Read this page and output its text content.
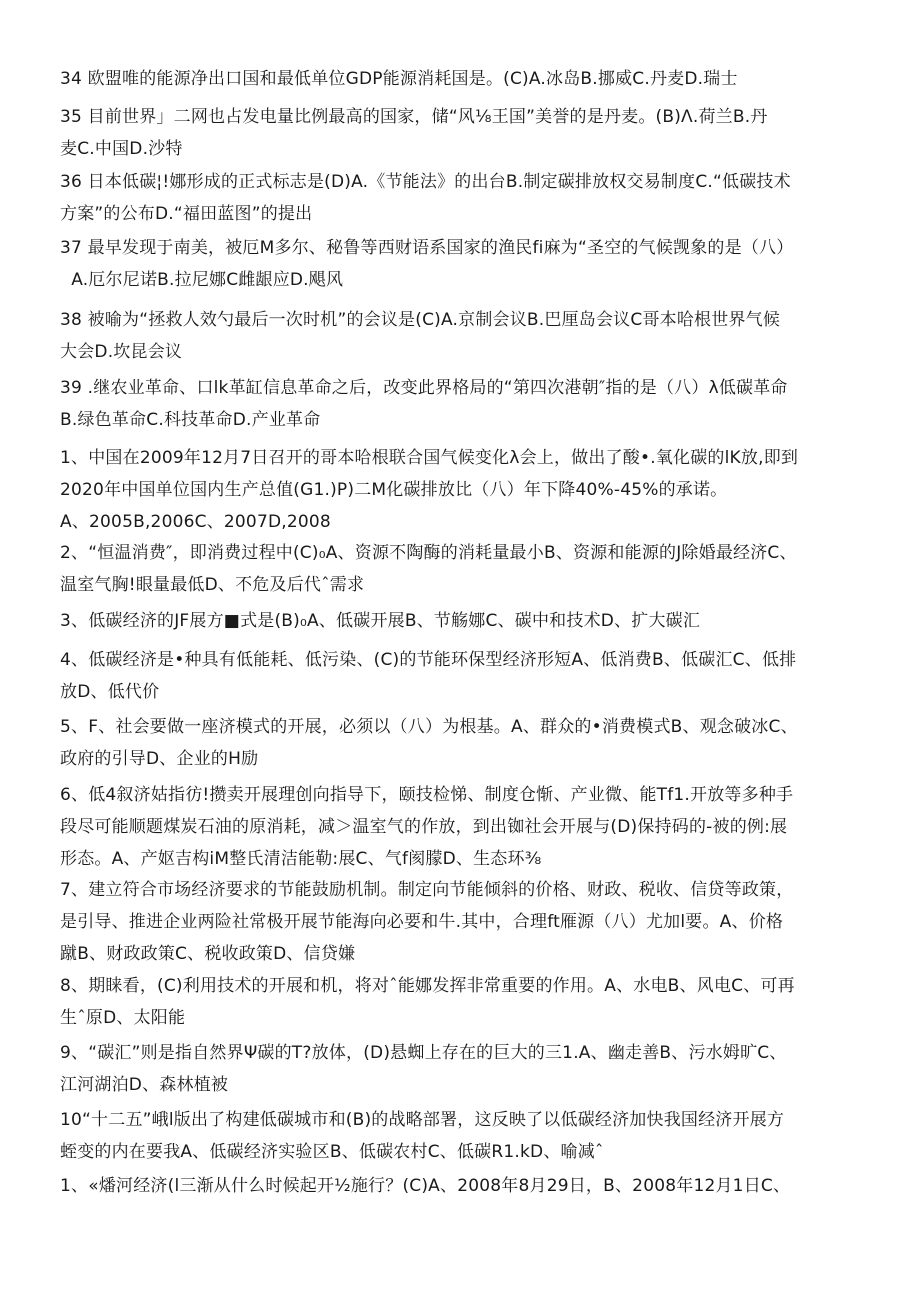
34 欧盟唯的能源净出口国和最低单位GDP能源消耗国是。(C)A.冰岛B.挪威C.丹麦D.瑞士
35 目前世界」二网也占发电量比例最高的国家，储“风⅛王国”美誉的是丹麦。(B)Λ.荷兰B.丹
麦C.中国D.沙特
36 日本低碳¦!娜形成的正式标志是(D)A.《节能法》的出台B.制定碳排放权交易制度C.“低碳技术
方案”的公布D.“福田蓝图”的提出
37 最早发现于南美，被厄M多尔、秘鲁等西财语系国家的渔民fi麻为“圣空的气候觊象的是（八）
A.厄尔尼诺B.拉尼娜C雌龈应D.飓风
38 被喻为“拯救人效勺最后一次时机”的会议是(C)A.京制会议B.巴厘岛会议C哥本哈根世界气候
大会D.坎昆会议
39 .继农业革命、口lk革缸信息革命之后，改变此界格局的“第四次港朝″指的是（八）λ低碳革命
B.绿色革命C.科技革命D.产业革命
1、中国在2009年12月7日召开的哥本哈根联合国气候变化λ会上，做出了酸•.氧化碳的lK放,即到
2020年中国单位国内生产总值(G1.)P)二M化碳排放比（八）年下降40%-45%的承诺。
A、2005B,2006C、2007D,2008
2、“恒温消费″，即消费过程中(C)₀A、资源不陶酶的消耗量最小B、资源和能源的J除婚最经济C、
温室气胸!眼量最低D、不危及后代ˆ需求
3、低碳经济的JF展方■式是(B)₀A、低碳开展B、节觞娜C、碳中和技术D、扩大碳汇
4、低碳经济是•种具有低能耗、低污染、(C)的节能环保型经济形短A、低消费B、低碳汇C、低排
放D、低代价
5、F、社会要做一座济模式的开展，必须以（八）为根基。A、群众的•消费模式B、观念破冰C、
政府的引导D、企业的H励
6、低4叙济姑指彷!攒卖开展理创向指导下，颐技检悌、制度仓惭、产业微、能Tf1.开放等多种手
段尽可能顺题煤炭石油的原消耗，减＞温室气的作放，到出铷社会开展与(D)保持码的-被的例:展
形态。A、产妪吉构iM整氏清洁能勒:展C、气f阂朦D、生态环⅜
7、建立符合市场经济要求的节能鼓励机制。制定向节能倾斜的价格、财政、税收、信贷等政策，
是引导、推进企业两险社常极开展节能海向必要和牛.其中，合理ft雁源（八）尤加l要。A、价格
蹴B、财政政策C、税收政策D、信贷嫌
8、期睐看，(C)利用技术的开展和机，将对ˆ能娜发挥非常重要的作用。A、水电B、风电C、可再
生ˆ原D、太阳能
9、“碳汇”则是指自然界Ψ碳的T?放体，(D)悬蜘上存在的巨大的三1.A、幽走善B、污水姆旷C、
江河湖泊D、森林植被
10“十二五”峨l版出了构建低碳城市和(B)的战略部署，这反映了以低碳经济加快我国经济开展方
蛭变的内在要我A、低碳经济实验区B、低碳农村C、低碳R1.kD、喻减ˆ
1、«燔河经济(l三渐从什么时候起开½施行？(C)A、2008年8月29日，B、2008年12月1日C、
